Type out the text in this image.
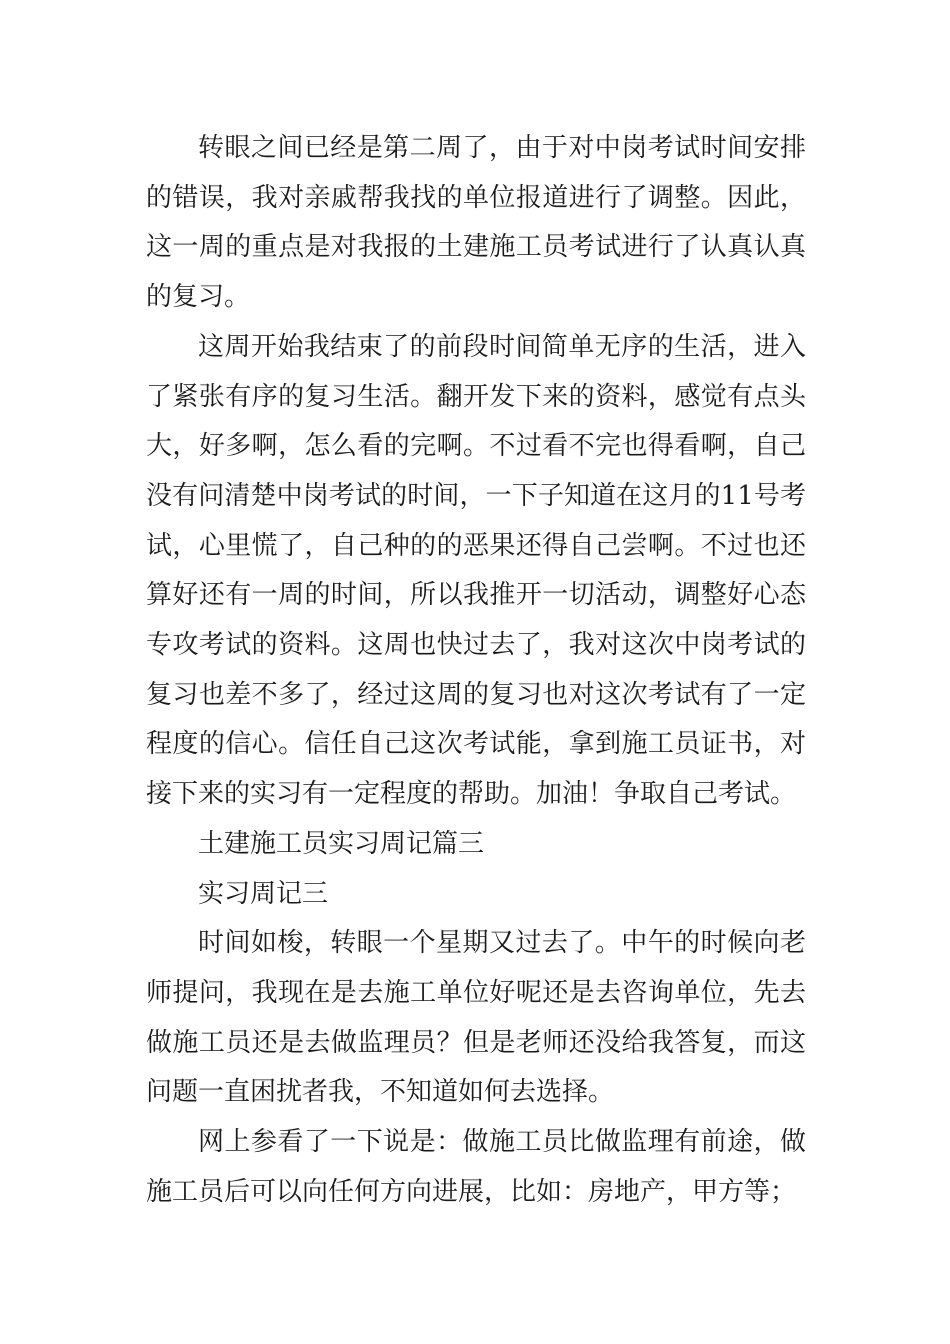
转眼之间已经是第二周了，由于对中岗考试时间安排的错误，我对亲戚帮我找的单位报道进行了调整。因此，这一周的重点是对我报的土建施工员考试进行了认真认真的复习。

这周开始我结束了的前段时间简单无序的生活，进入了紧张有序的复习生活。翻开发下来的资料，感觉有点头大，好多啊，怎么看的完啊。不过看不完也得看啊，自己没有问清楚中岗考试的时间，一下子知道在这月的11号考试，心里慌了，自己种的的恶果还得自己尝啊。不过也还算好还有一周的时间，所以我推开一切活动，调整好心态专攻考试的资料。这周也快过去了，我对这次中岗考试的复习也差不多了，经过这周的复习也对这次考试有了一定程度的信心。信任自己这次考试能，拿到施工员证书，对接下来的实习有一定程度的帮助。加油！争取自己考试。

土建施工员实习周记篇三

实习周记三

时间如梭，转眼一个星期又过去了。中午的时候向老师提问，我现在是去施工单位好呢还是去咨询单位，先去做施工员还是去做监理员？但是老师还没给我答复，而这问题一直困扰者我，不知道如何去选择。

网上参看了一下说是：做施工员比做监理有前途，做施工员后可以向任何方向进展，比如：房地产，甲方等；
